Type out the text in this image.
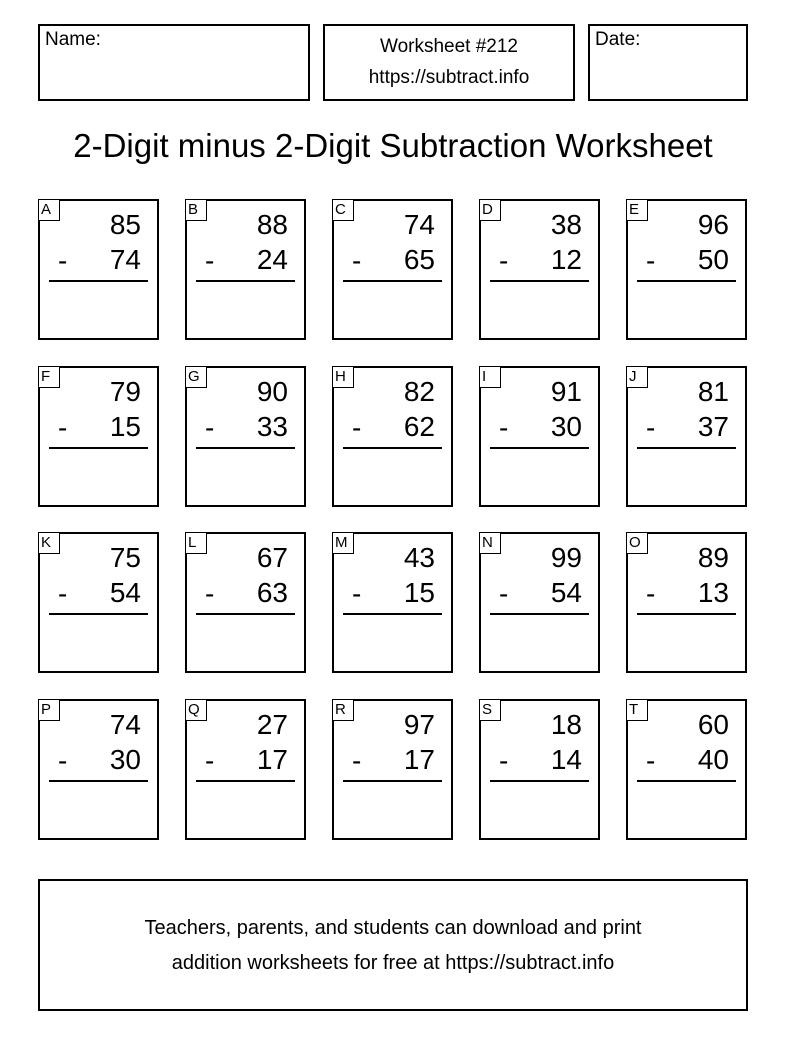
Name:	Worksheet #212
https://subtract.info
Date:
2-Digit minus 2-Digit Subtraction Worksheet
A	85
- 74
B	88
- 24
C 74
- 65
D 38
- 12
E	96
- 50
F	79
- 15
G 90
- 33
H 82
- 62
I	91
- 30
J	81
- 37
K	75
- 54
L	67
- 63
M 43
- 15
N 99
- 54
O 89
- 13
P	74
- 30
Q 27
- 17
R 97
- 17
S	18
- 14
T	60
- 40
Teachers, parents, and students can download and print
addition worksheets for free at https://subtract.info
